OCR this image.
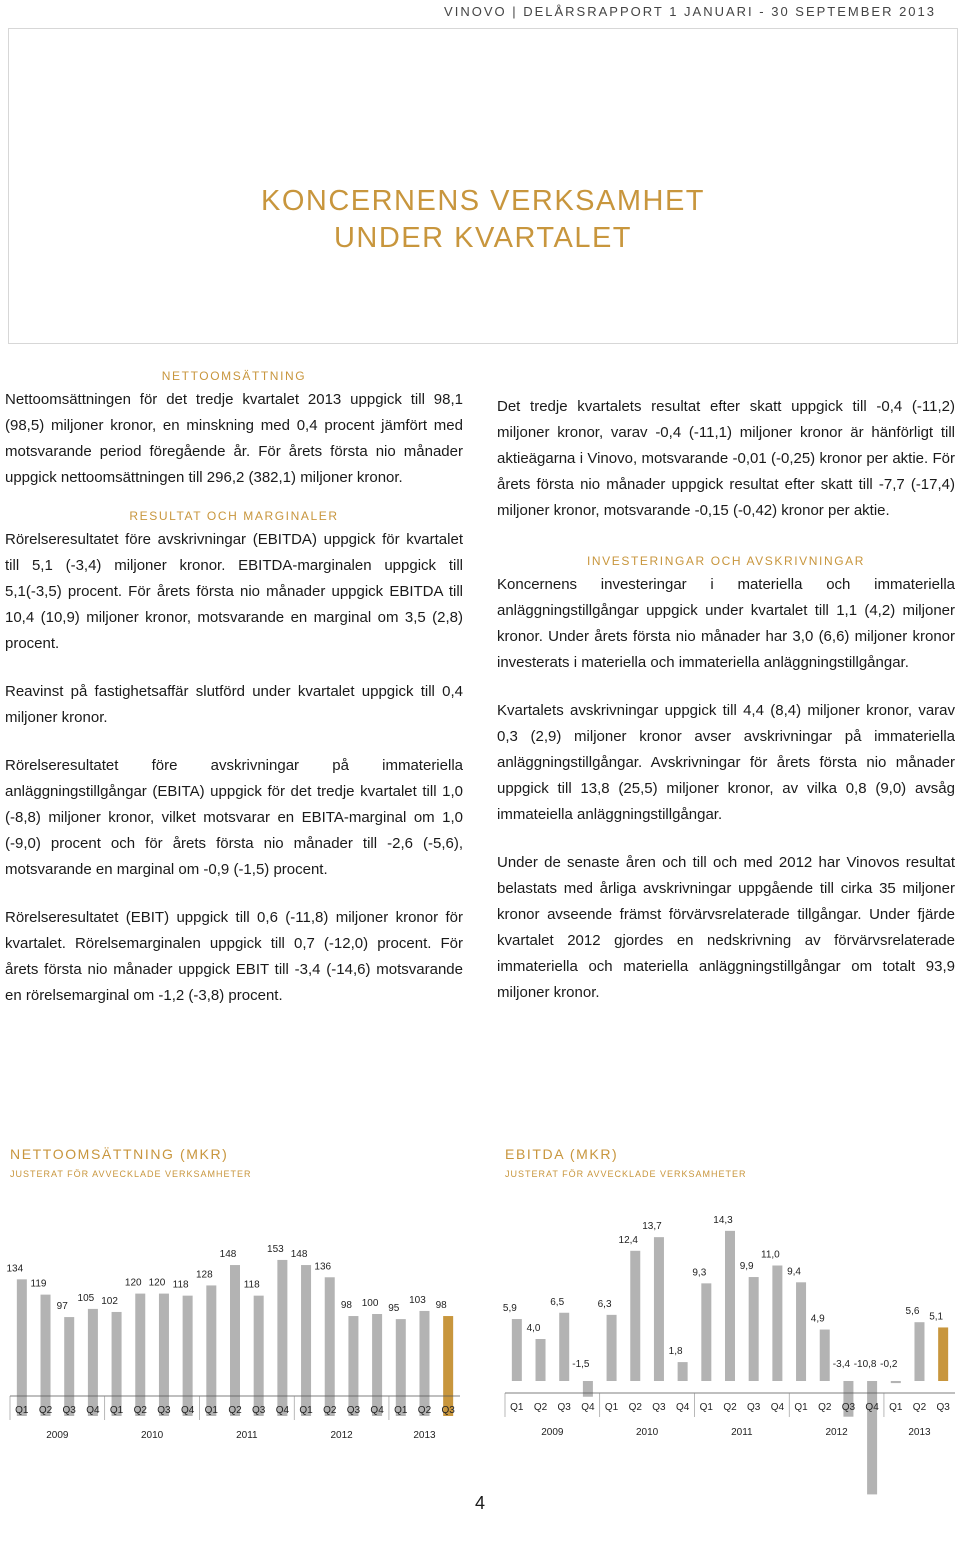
VINOVO | DELÅRSRAPPORT 1 JANUARI - 30 SEPTEMBER 2013
KONCERNENS VERKSAMHET
UNDER KVARTALET
NETTOOMSÄTTNING

Nettoomsättningen för det tredje kvartalet 2013 uppgick till 98,1 (98,5) miljoner kronor, en minskning med 0,4 procent jämfört med motsvarande period föregående år. För årets första nio månader uppgick nettoomsättningen till 296,2 (382,1) miljoner kronor.

RESULTAT OCH MARGINALER

Rörelseresultatet före avskrivningar (EBITDA) uppgick för kvartalet till 5,1 (-3,4) miljoner kronor. EBITDA-marginalen uppgick till 5,1(-3,5) procent. För årets första nio månader uppgick EBITDA till 10,4 (10,9) miljoner kronor, motsvarande en marginal om 3,5 (2,8) procent.

Reavinst på fastighetsaffär slutförd under kvartalet uppgick till 0,4 miljoner kronor.

Rörelseresultatet före avskrivningar på immateriella anläggningstillgångar (EBITA) uppgick för det tredje kvartalet till 1,0 (-8,8) miljoner kronor, vilket motsvarar en EBITA-marginal om 1,0 (-9,0) procent och för årets första nio månader till -2,6 (-5,6), motsvarande en marginal om -0,9 (-1,5) procent.

Rörelseresultatet (EBIT) uppgick till 0,6 (-11,8) miljoner kronor för kvartalet. Rörelsemarginalen uppgick till 0,7 (-12,0) procent. För årets första nio månader uppgick EBIT till -3,4 (-14,6) motsvarande en rörelsemarginal om -1,2 (-3,8) procent.

Det tredje kvartalets resultat efter skatt uppgick till -0,4 (-11,2) miljoner kronor, varav -0,4 (-11,1) miljoner kronor är hänförligt till aktieägarna i Vinovo, motsvarande -0,01 (-0,25) kronor per aktie. För årets första nio månader uppgick resultat efter skatt till -7,7 (-17,4) miljoner kronor, motsvarande -0,15 (-0,42) kronor per aktie.

INVESTERINGAR OCH AVSKRIVNINGAR

Koncernens investeringar i materiella och immateriella anläggningstillgångar uppgick under kvartalet till 1,1 (4,2) miljoner kronor. Under årets första nio månader har 3,0 (6,6) miljoner kronor investerats i materiella och immateriella anläggningstillgångar.

Kvartalets avskrivningar uppgick till 4,4 (8,4) miljoner kronor, varav 0,3 (2,9) miljoner kronor avser avskrivningar på immateriella anläggningstillgångar. Avskrivningar för årets första nio månader uppgick till 13,8 (25,5) miljoner kronor, av vilka 0,8 (9,0) avsåg immateiella anläggningstillgångar.

Under de senaste åren och till och med 2012 har Vinovos resultat belastats med årliga avskrivningar uppgående till cirka 35 miljoner kronor avseende främst förvärvsrelaterade tillgångar. Under fjärde kvartalet 2012 gjordes en nedskrivning av förvärvsrelaterade immateriella och materiella anläggningstillgångar om totalt 93,9 miljoner kronor.

NETTOOMSÄTTNING (MKR)
JUSTERAT FÖR AVVECKLADE VERKSAMHETER
134
Q1
119
Q2
97
Q3
105
Q4
102
Q1
120
Q2
120
Q3
118
Q4
128
Q1
148
Q2
118
Q3
153
Q4
148
Q1
136
Q2
98
Q3
100
Q4
95
Q1
103
Q2
98
Q3
2009	2010	2011	2012	2013
EBITDA (MKR)
JUSTERAT FÖR AVVECKLADE VERKSAMHETER
5,9
Q1
4,0
Q2
6,5
Q3
-1,5
Q4
6,3
Q1
12,4
Q2
13,7
Q3
1,8
Q4
9,3
Q1
14,3
Q2
9,9
Q3
11,0
Q4
9,4
Q1
4,9
Q2
-3,4
Q3
-10,8
Q4
-0,2
Q1
5,6
Q2
5,1
Q3
2009	2010	2011	2012	2013
4
